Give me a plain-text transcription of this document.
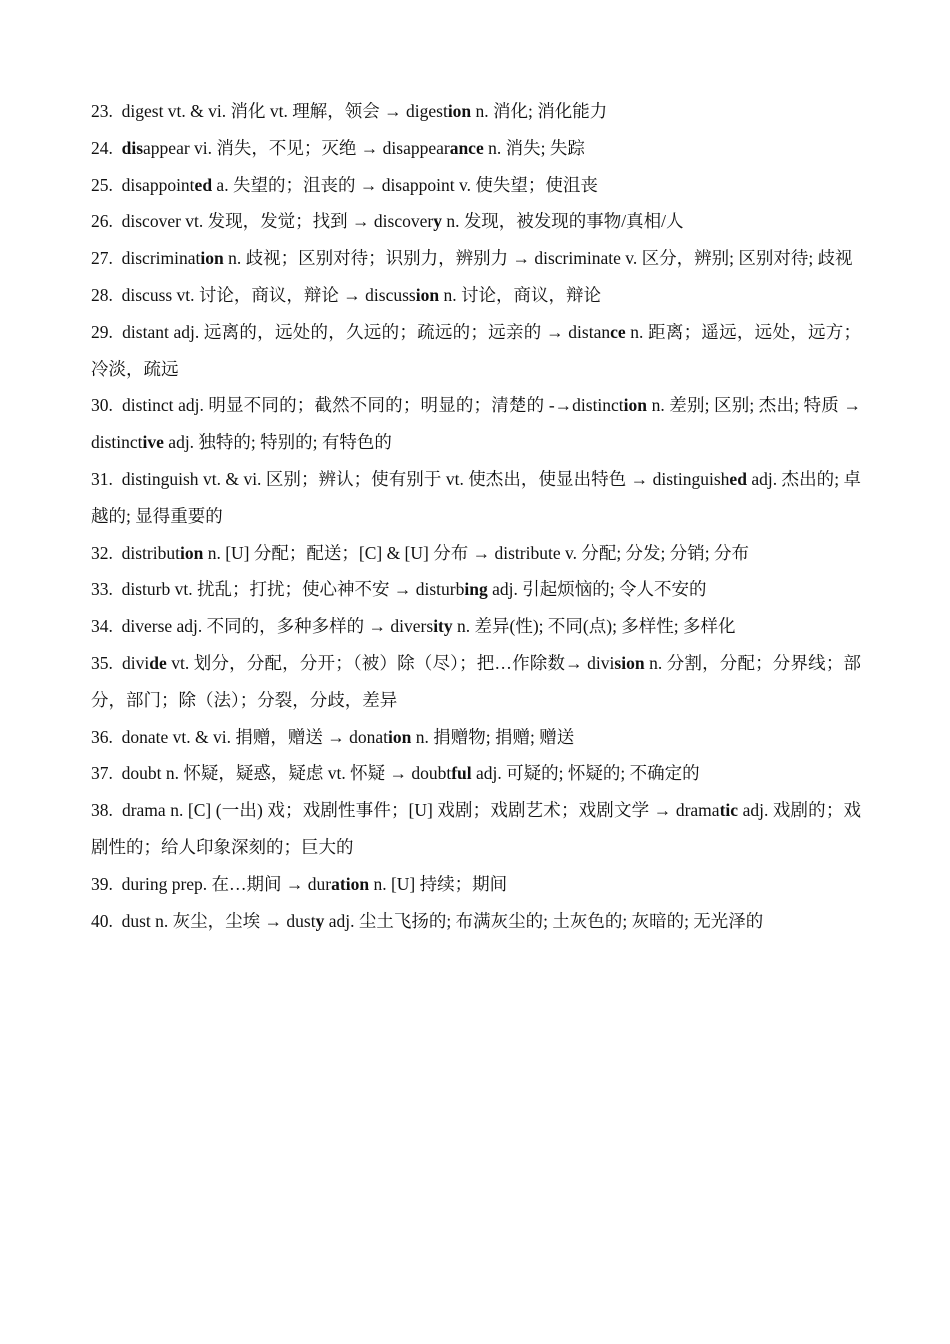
23. digest vt. & vi. 消化 vt. 理解，领会 → digestion n. 消化; 消化能力

24. disappear vi. 消失，不见；灭绝 → disappearance n. 消失; 失踪

25. disappointed a. 失望的；沮丧的 → disappoint v. 使失望；使沮丧

26. discover vt. 发现，发觉；找到 → discovery n. 发现，被发现的事物/真相/人

27. discrimination n. 歧视；区别对待；识别力，辨别力 → discriminate v. 区分，辨别; 区别对待; 歧视

28. discuss vt. 讨论，商议，辩论 → discussion n. 讨论，商议，辩论

29. distant adj. 远离的，远处的，久远的；疏远的；远亲的 → distance n. 距离；遥远，远处，远方；冷淡，疏远

30. distinct adj. 明显不同的；截然不同的；明显的；清楚的 -→distinction n. 差别; 区别; 杰出; 特质 → distinctive adj. 独特的; 特别的; 有特色的

31. distinguish vt. & vi. 区别；辨认；使有别于 vt. 使杰出，使显出特色 → distinguished adj. 杰出的; 卓越的; 显得重要的

32. distribution n. [U] 分配；配送；[C] & [U] 分布 → distribute v. 分配; 分发; 分销; 分布

33. disturb vt. 扰乱；打扰；使心神不安 → disturbing adj. 引起烦恼的; 令人不安的

34. diverse adj. 不同的，多种多样的 → diversity n. 差异(性); 不同(点); 多样性; 多样化

35. divide vt. 划分，分配，分开；（被）除（尽）；把…作除数→ division n. 分割，分配；分界线；部分，部门；除（法）；分裂，分歧，差异

36. donate vt. & vi. 捐赠，赠送 → donation n. 捐赠物; 捐赠; 赠送

37. doubt n. 怀疑，疑惑，疑虑 vt. 怀疑 → doubtful adj. 可疑的; 怀疑的; 不确定的

38. drama n. [C] (一出) 戏；戏剧性事件；[U] 戏剧；戏剧艺术；戏剧文学 → dramatic adj. 戏剧的；戏剧性的；给人印象深刻的；巨大的

39. during prep. 在…期间 → duration n. [U] 持续；期间

40. dust n. 灰尘，尘埃 → dusty adj. 尘土飞扬的; 布满灰尘的; 土灰色的; 灰暗的; 无光泽的
